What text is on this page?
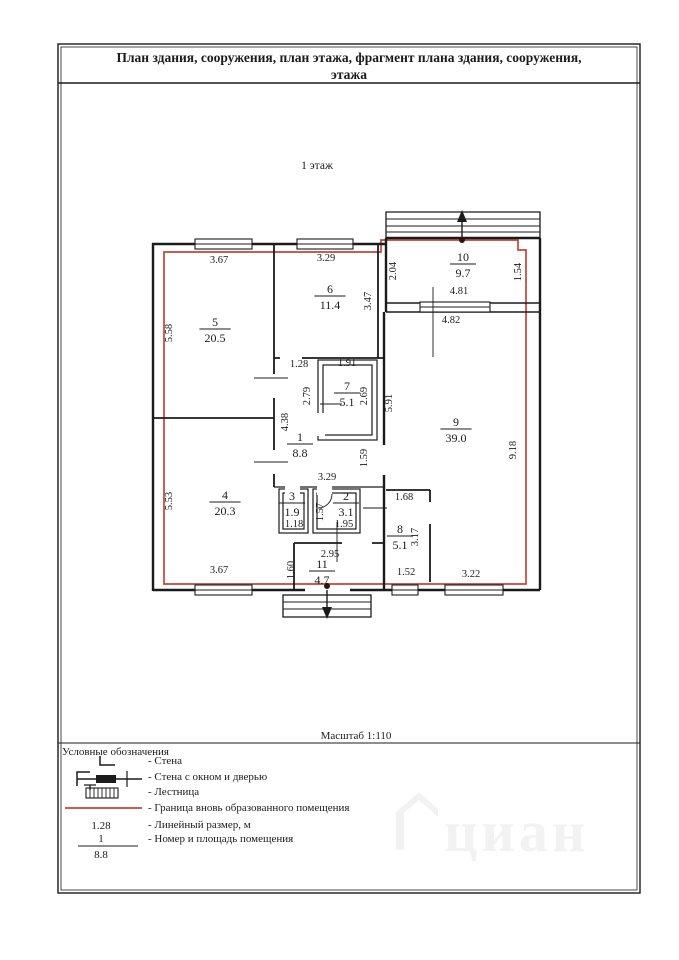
План здания, сооружения, план этажа, фрагмент плана здания, сооружения,
этажа
1 этаж
3.67	3.29
2.04	1.54
4.81
4.82
3.47
5.58
1.28	1.91
2.79	2.69 5.91
4.38
1.59	9.18
3.29
5.53
1.57
1.68
1.18	1.95
3.17
2.95
1.60	1.52	3.22
3.67
5
20.5
6
11.4
10
9.7
7
5.1
1
8.8
9
39.0
4
20.3
3
1.9
2
3.1
8
5.1
11
4.7
Масштаб 1:110
циан
Условные обозначения
- Стена
- Стена с окном и дверью
- Лестница
- Граница вновь образованного помещения
1.28	- Линейный размер, м
1
8.8
- Номер и площадь помещения
